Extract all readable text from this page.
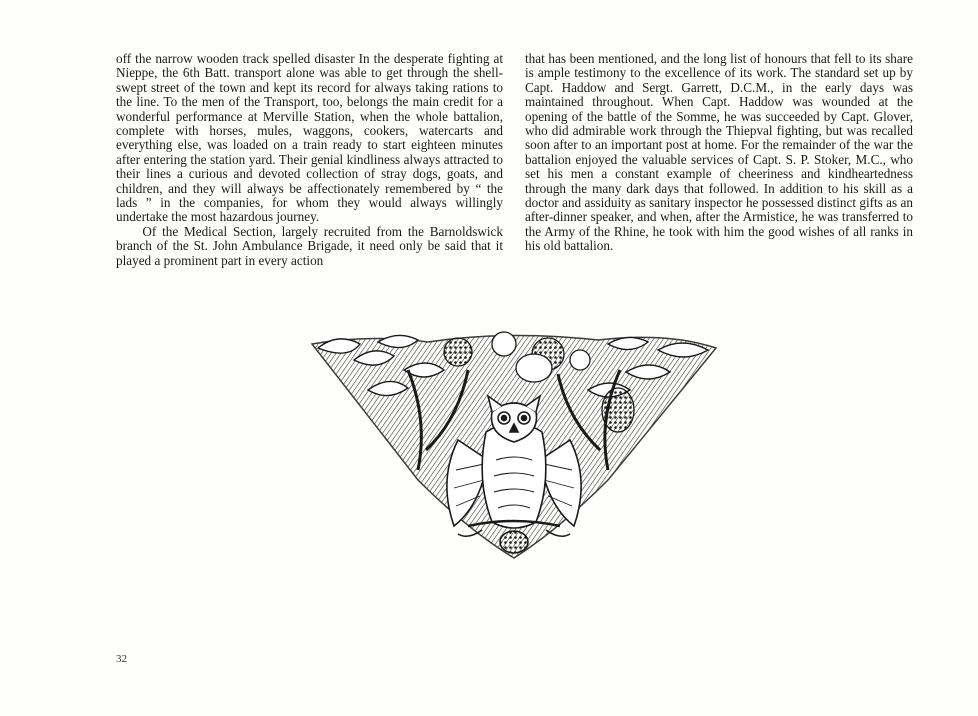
off the narrow wooden track spelled disaster In the desperate fighting at Nieppe, the 6th Batt. transport alone was able to get through the shell-swept street of the town and kept its record for always taking rations to the line. To the men of the Transport, too, belongs the main credit for a wonderful performance at Merville Station, when the whole battalion, complete with horses, mules, waggons, cookers, watercarts and everything else, was loaded on a train ready to start eighteen minutes after entering the station yard. Their genial kindliness always attracted to their lines a curious and devoted collection of stray dogs, goats, and children, and they will always be affectionately remembered by “ the lads ” in the companies, for whom they would always willingly undertake the most hazardous journey.

Of the Medical Section, largely recruited from the Barnoldswick branch of the St. John Ambulance Brigade, it need only be said that it played a prominent part in every action

that has been mentioned, and the long list of honours that fell to its share is ample testimony to the excellence of its work. The standard set up by Capt. Haddow and Sergt. Garrett, D.C.M., in the early days was maintained throughout. When Capt. Haddow was wounded at the opening of the battle of the Somme, he was succeeded by Capt. Glover, who did admirable work through the Thiepval fighting, but was recalled soon after to an important post at home. For the remainder of the war the battalion enjoyed the valuable services of Capt. S. P. Stoker, M.C., who set his men a constant example of cheeriness and kindheartedness through the many dark days that followed. In addition to his skill as a doctor and assiduity as sanitary inspector he possessed distinct gifts as an after-dinner speaker, and when, after the Armistice, he was transferred to the Army of the Rhine, he took with him the good wishes of all ranks in his old battalion.

32
